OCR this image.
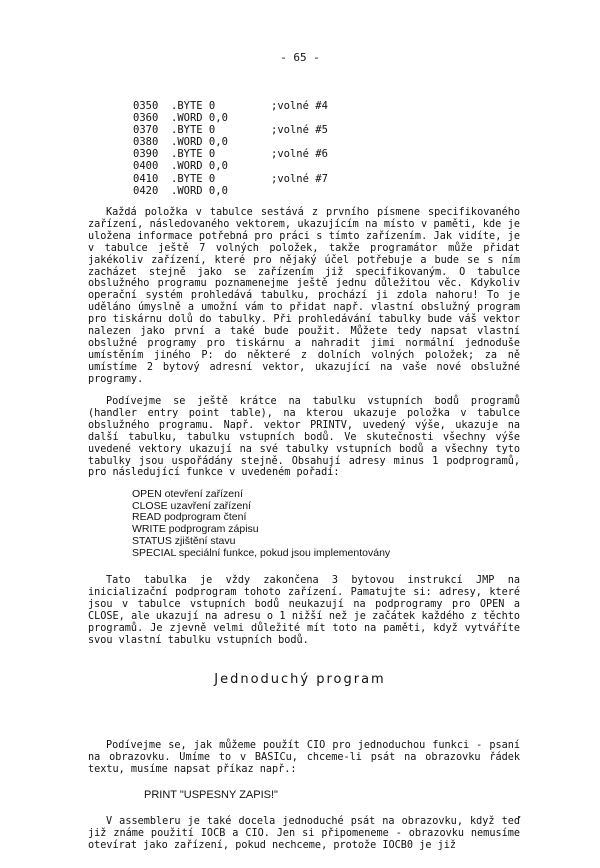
- 65 -
0350 .BYTE 0	;volné #4
0360 .WORD 0,0
0370 .BYTE 0	;volné #5
0380 .WORD 0,0
0390 .BYTE 0	;volné #6
0400 .WORD 0,0
0410 .BYTE 0	;volné #7
0420 .WORD 0,0

Každá položka v tabulce sestává z prvního písmene specifikovaného zařízení, následovaného vektorem, ukazujícím na místo v paměti, kde je uložena informace potřebná pro práci s tímto zařízením. Jak vidíte, je v tabulce ještě 7 volných položek, takže programátor může přidat jakékoliv zařízení, které pro nějaký účel potřebuje a bude se s ním zacházet stejně jako se zařízením již specifikovaným. O tabulce obslužného programu poznamenejme ještě jednu důležitou věc. Kdykoliv operační systém prohledává tabulku, prochází ji zdola nahoru! To je uděláno úmyslně a umožní vám to přidat např. vlastní obslužný program pro tiskárnu dolů do tabulky. Při prohledávání tabulky bude váš vektor nalezen jako první a také bude použit. Můžete tedy napsat vlastní obslužné programy pro tiskárnu a nahradit jimi normální jednoduše umístěním jiného P: do některé z dolních volných položek; za ně umístíme 2 bytový adresní vektor, ukazující na vaše nové obslužné programy.

Podívejme se ještě krátce na tabulku vstupních bodů programů (handler entry point table), na kterou ukazuje položka v tabulce obslužného programu. Např. vektor PRINTV, uvedený výše, ukazuje na další tabulku, tabulku vstupních bodů. Ve skutečnosti všechny výše uvedené vektory ukazují na své tabulky vstupních bodů a všechny tyto tabulky jsou uspořádány stejně. Obsahují adresy minus 1 podprogramů, pro následující funkce v uvedeném pořadí:

OPEN otevření zařízení
CLOSE uzavření zařízení
READ podprogram čtení
WRITE podprogram zápisu
STATUS zjištění stavu
SPECIAL speciální funkce, pokud jsou implementovány

Tato tabulka je vždy zakončena 3 bytovou instrukcí JMP na inicializační podprogram tohoto zařízení. Pamatujte si: adresy, které jsou v tabulce vstupních bodů neukazují na podprogramy pro OPEN a CLOSE, ale ukazují na adresu o 1 nižší než je začátek každého z těchto programů. Je zjevně velmi důležité mít toto na paměti, když vytváříte svou vlastní tabulku vstupních bodů.

Jednoduchý program

Podívejme se, jak můžeme použít CIO pro jednoduchou funkci - psaní na obrazovku. Umíme to v BASICu, chceme-li psát na obrazovku řádek textu, musíme napsat příkaz např.:

PRINT "USPESNY ZAPIS!"

V assembleru je také docela jednoduché psát na obrazovku, když teď již známe použití IOCB a CIO. Jen si připomeneme - obrazovku nemusíme otevírat jako zařízení, pokud nechceme, protože IOCB0 je již
